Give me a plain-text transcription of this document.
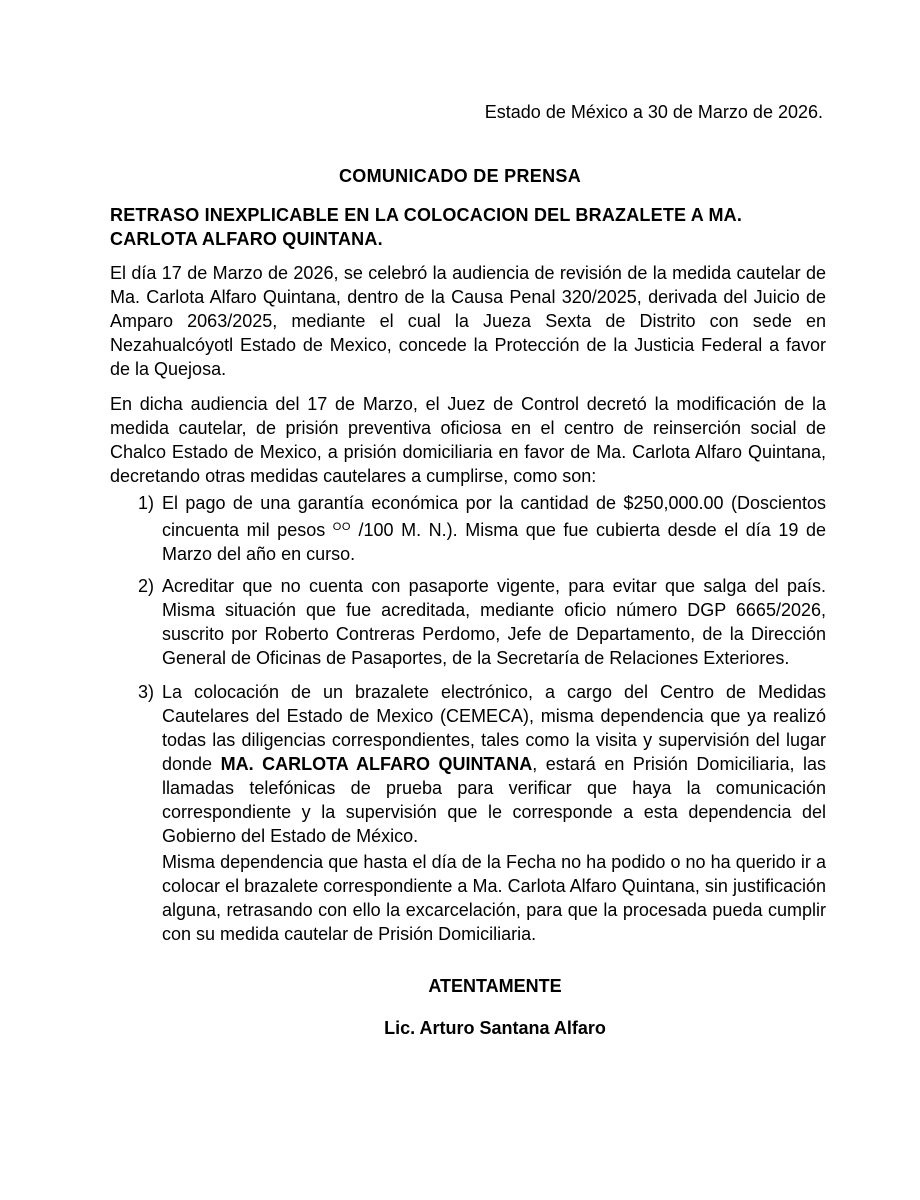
Estado de México a 30 de Marzo de 2026.
COMUNICADO DE PRENSA
RETRASO INEXPLICABLE EN LA COLOCACION DEL BRAZALETE A MA. CARLOTA ALFARO QUINTANA.
El día 17 de Marzo de 2026, se celebró la audiencia de revisión de la medida cautelar de Ma. Carlota Alfaro Quintana, dentro de la Causa Penal 320/2025, derivada del Juicio de Amparo 2063/2025, mediante el cual la Jueza Sexta de Distrito con sede en Nezahualcóyotl Estado de Mexico, concede la Protección de la Justicia Federal a favor de la Quejosa.
En dicha audiencia del 17 de Marzo, el Juez de Control decretó la modificación de la medida cautelar, de prisión preventiva oficiosa en el centro de reinserción social de Chalco Estado de Mexico, a prisión domiciliaria en favor de Ma. Carlota Alfaro Quintana, decretando otras medidas cautelares a cumplirse, como son:
1) El pago de una garantía económica por la cantidad de $250,000.00 (Doscientos cincuenta mil pesos $^{OO}$ /100 M. N.). Misma que fue cubierta desde el día 19 de Marzo del año en curso.
2) Acreditar que no cuenta con pasaporte vigente, para evitar que salga del país. Misma situación que fue acreditada, mediante oficio número DGP 6665/2026, suscrito por Roberto Contreras Perdomo, Jefe de Departamento, de la Dirección General de Oficinas de Pasaportes, de la Secretaría de Relaciones Exteriores.
3) La colocación de un brazalete electrónico, a cargo del Centro de Medidas Cautelares del Estado de Mexico (CEMECA), misma dependencia que ya realizó todas las diligencias correspondientes, tales como la visita y supervisión del lugar donde MA. CARLOTA ALFARO QUINTANA, estará en Prisión Domiciliaria, las llamadas telefónicas de prueba para verificar que haya la comunicación correspondiente y la supervisión que le corresponde a esta dependencia del Gobierno del Estado de México.
Misma dependencia que hasta el día de la Fecha no ha podido o no ha querido ir a colocar el brazalete correspondiente a Ma. Carlota Alfaro Quintana, sin justificación alguna, retrasando con ello la excarcelación, para que la procesada pueda cumplir con su medida cautelar de Prisión Domiciliaria.
ATENTAMENTE
Lic. Arturo Santana Alfaro
